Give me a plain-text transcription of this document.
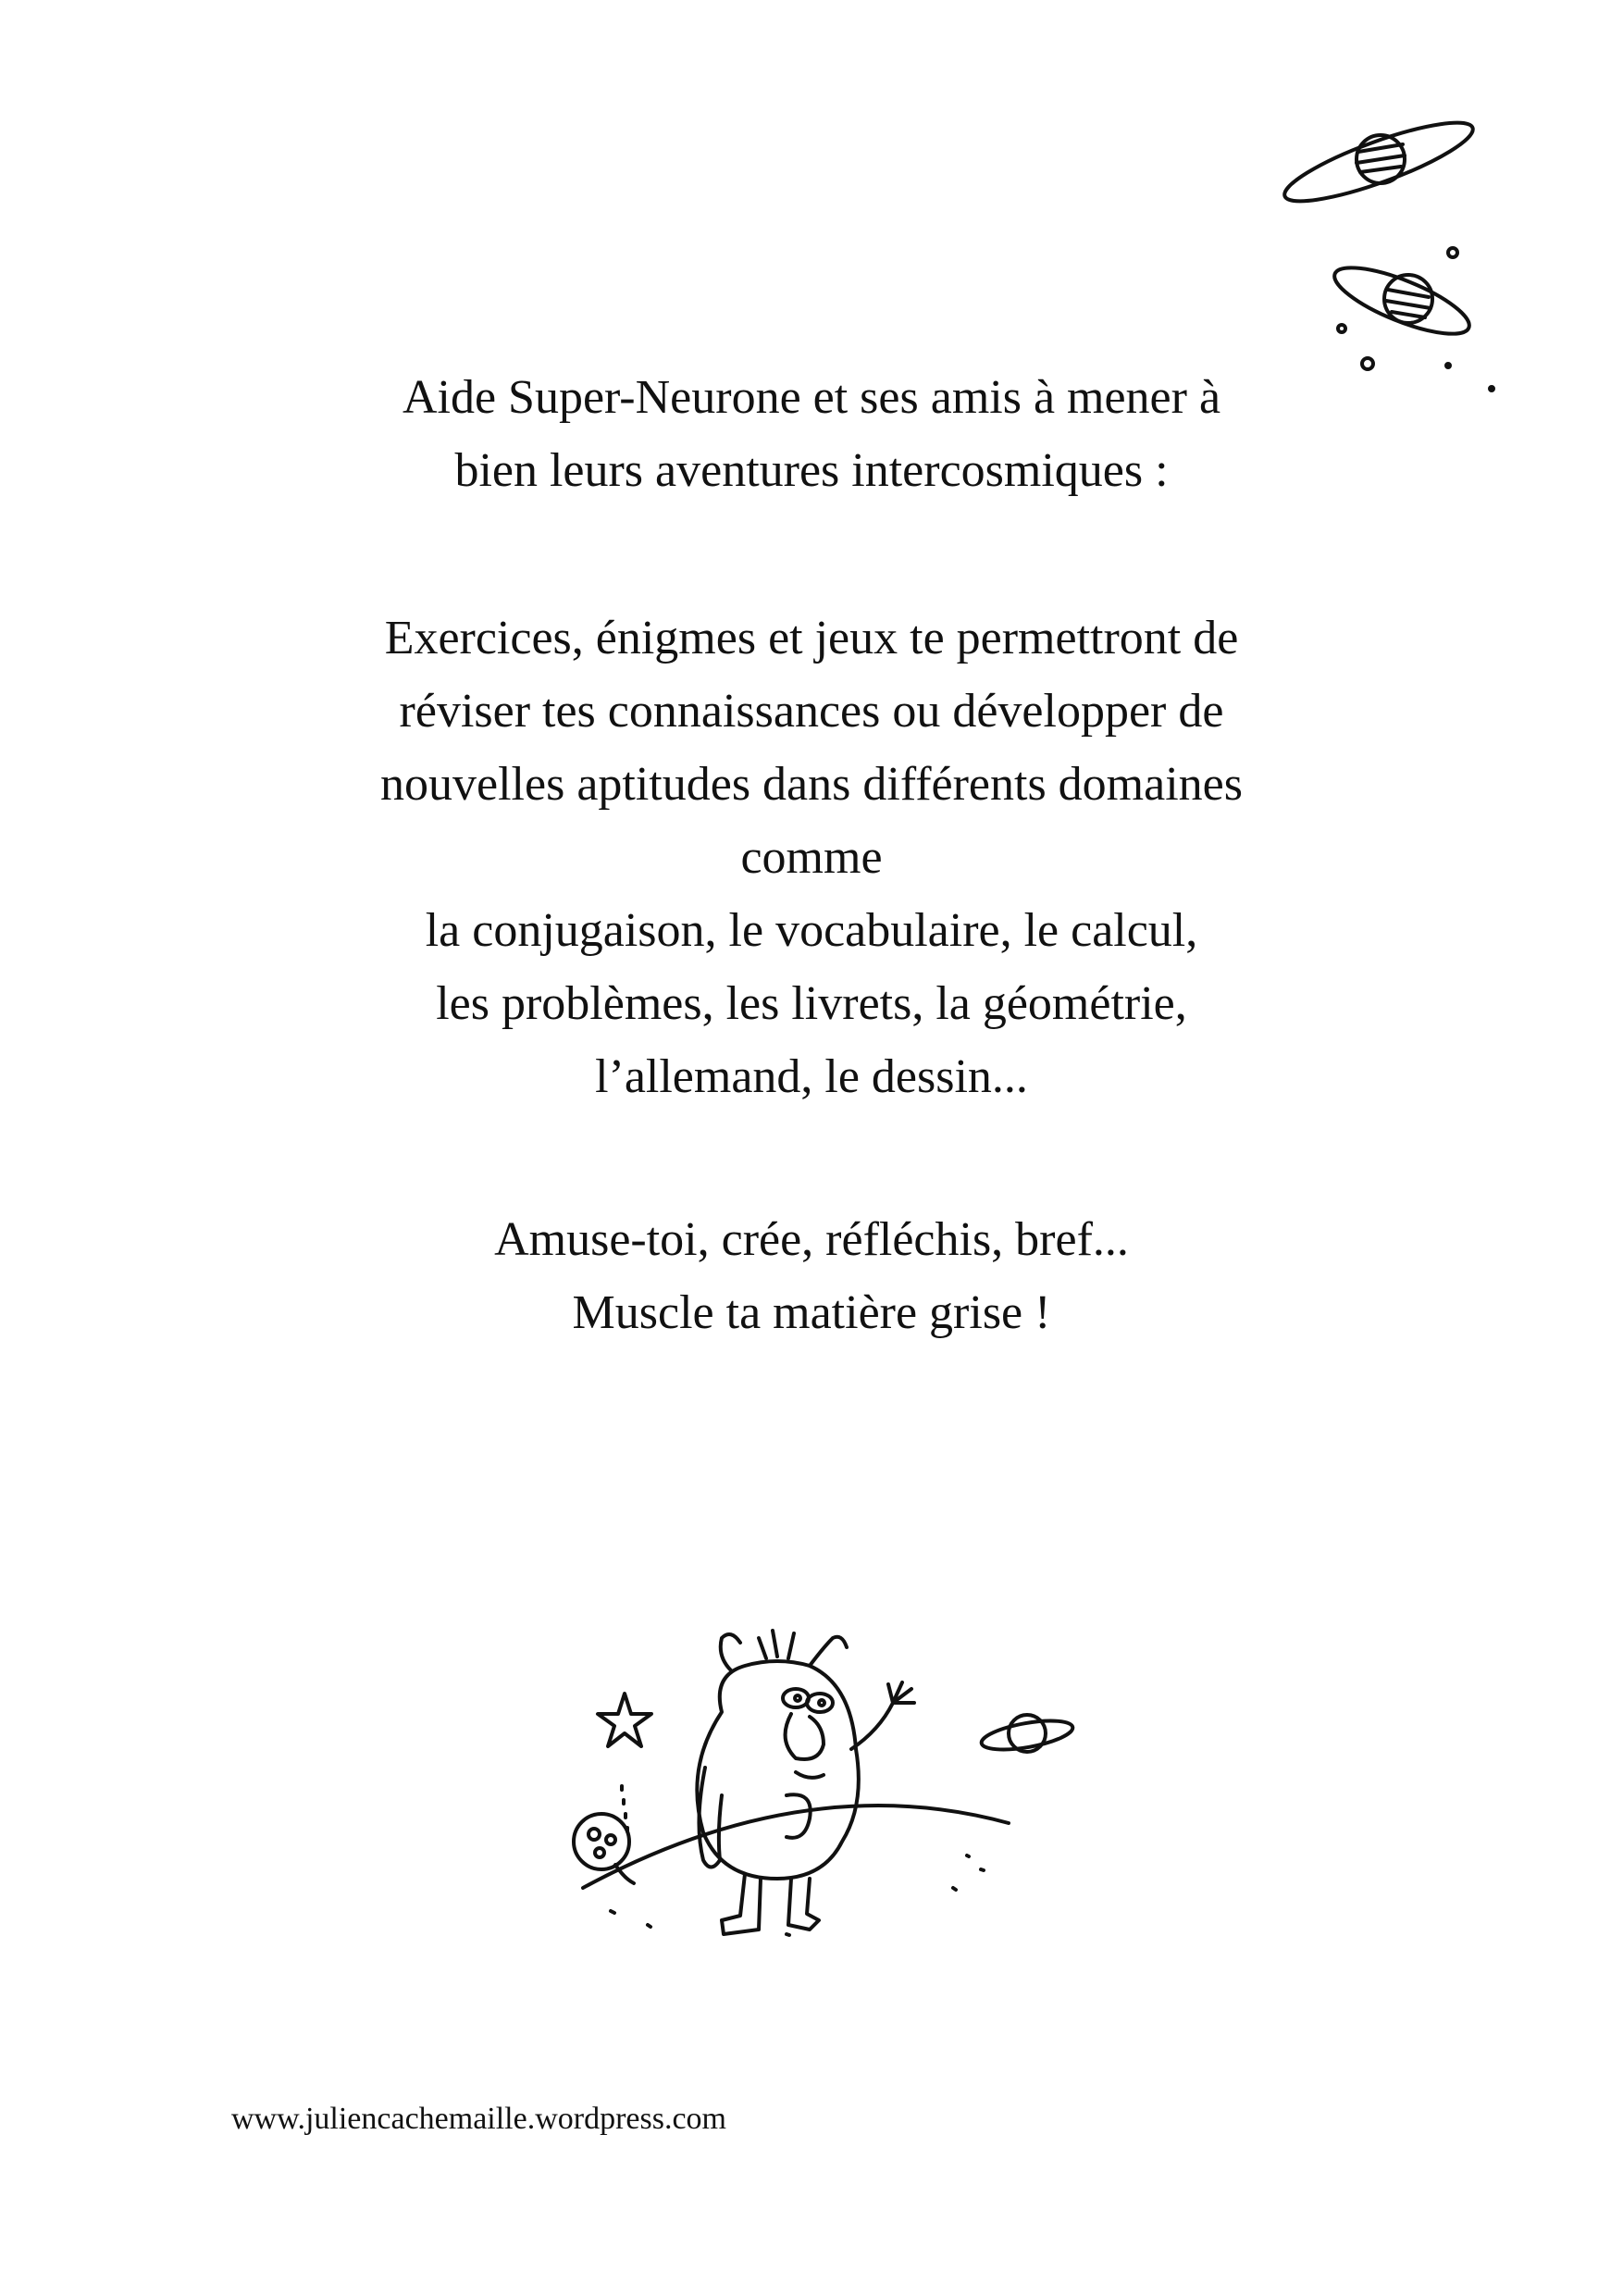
Aide Super-Neurone et ses amis à mener à

bien leurs aventures intercosmiques :

Exercices, énigmes et jeux te permettront de

réviser tes connaissances ou développer de

nouvelles aptitudes dans différents domaines

comme

la conjugaison, le vocabulaire, le calcul,

les problèmes, les livrets, la géométrie,

l’allemand, le dessin...

Amuse-toi, crée, réfléchis, bref...

Muscle ta matière grise !

www.juliencachemaille.wordpress.com
